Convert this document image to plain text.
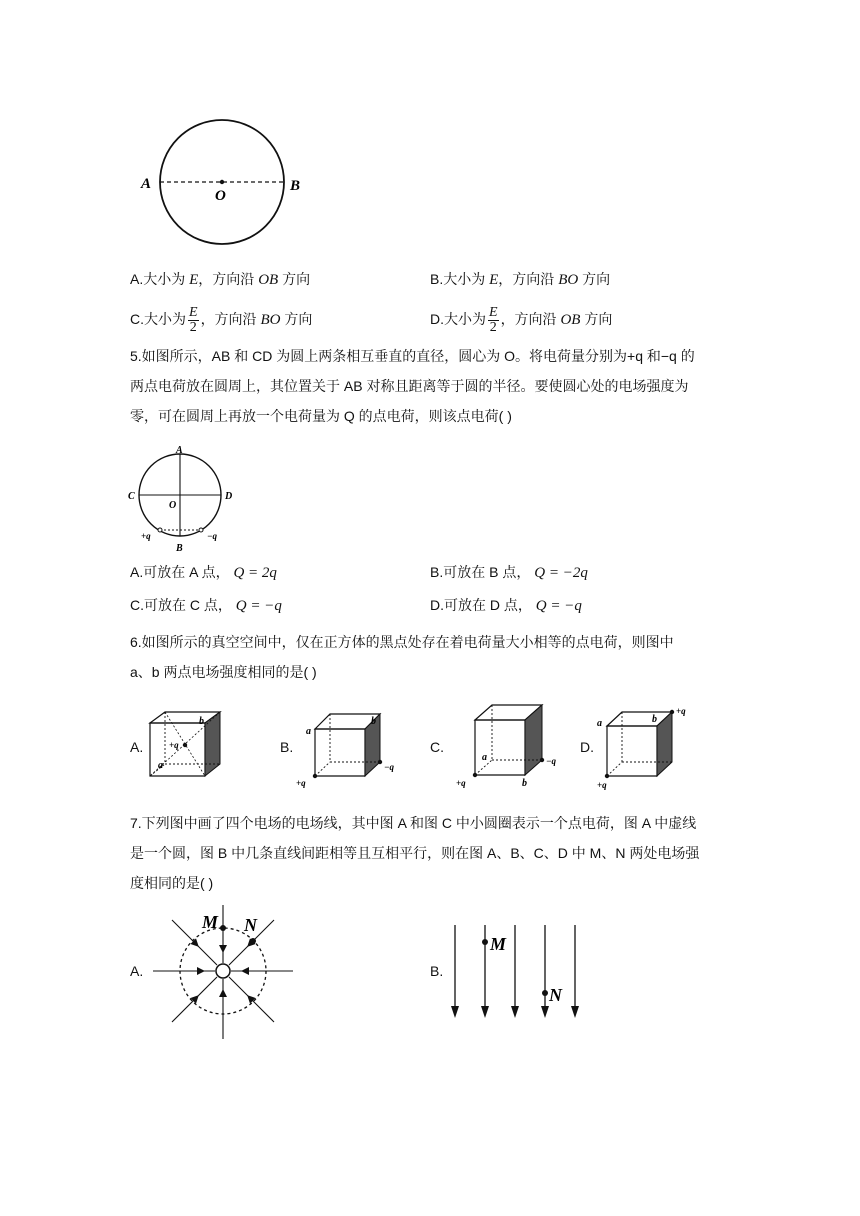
A
O
B
A.大小为 E，方向沿 OB 方向	B.大小为 E，方向沿 BO 方向
C.大小为 $\frac{E}{2}$ ，方向沿 BO 方向	D.大小为 $\frac{E}{2}$ ，方向沿 OB 方向
5.如图所示，AB 和 CD 为圆上两条相互垂直的直径，圆心为 O。将电荷量分别为+q 和−q 的
两点电荷放在圆周上，其位置关于 AB 对称且距离等于圆的半径。要使圆心处的电场强度为
零，可在圆周上再放一个电荷量为 Q 的点电荷，则该点电荷( )
A
C	D
O
B
+q	−q
A.可放在 A 点， Q = 2q	B.可放在 B 点， Q = −2q
C.可放在 C 点， Q = −q	D.可放在 D 点， Q = −q
6.如图所示的真空空间中，仅在正方体的黑点处存在着电荷量大小相等的点电荷，则图中
a、b 两点电场强度相同的是( )
A.	B.	C.	D.
+q
a
b
a
b
+q
−q
a
b
+q
−q
a	b
+q
+q
7.下列图中画了四个电场的电场线，其中图 A 和图 C 中小圆圈表示一个点电荷，图 A 中虚线
是一个圆，图 B 中几条直线间距相等且互相平行，则在图 A、B、C、D 中 M、N 两处电场强
度相同的是( )
A.	B.
M N
M
N
